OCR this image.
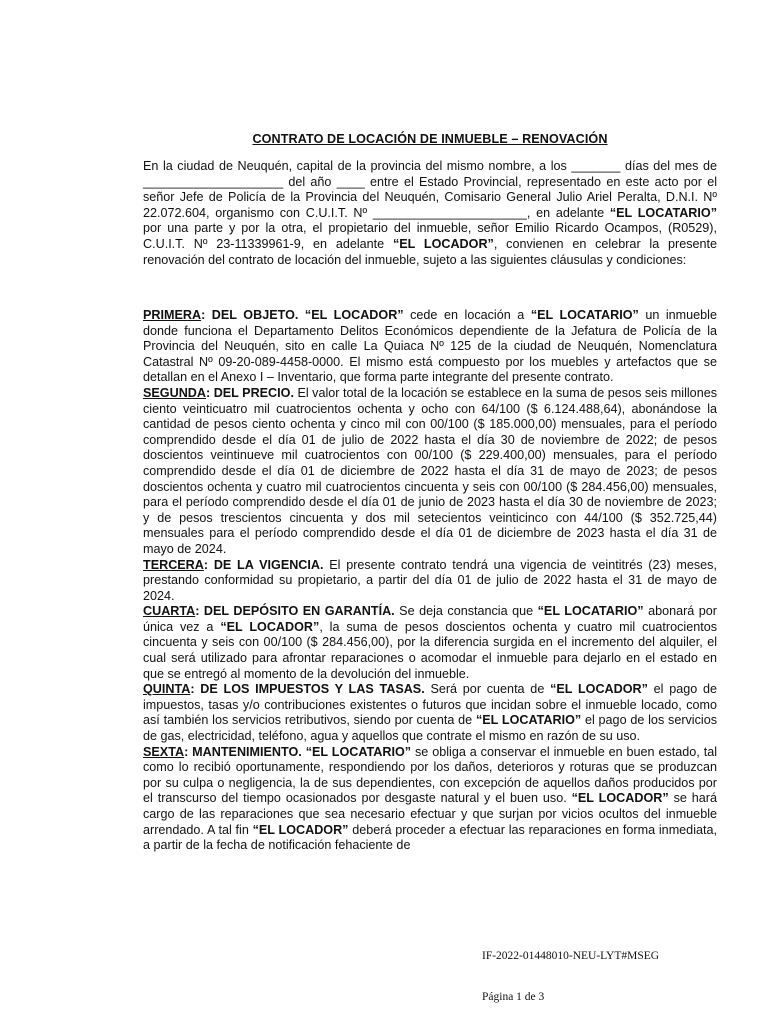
CONTRATO DE LOCACIÓN DE INMUEBLE – RENOVACIÓN

En la ciudad de Neuquén, capital de la provincia del mismo nombre, a los _______ días del mes de ____________________ del año ____ entre el Estado Provincial, representado en este acto por el señor Jefe de Policía de la Provincia del Neuquén, Comisario General Julio Ariel Peralta, D.N.I. Nº 22.072.604, organismo con C.U.I.T. Nº ______________________, en adelante “EL LOCATARIO” por una parte y por la otra, el propietario del inmueble, señor Emilio Ricardo Ocampos, (R0529), C.U.I.T. Nº 23-11339961-9, en adelante “EL LOCADOR”, convienen en celebrar la presente renovación del contrato de locación del inmueble, sujeto a las siguientes cláusulas y condiciones:

PRIMERA: DEL OBJETO. “EL LOCADOR” cede en locación a “EL LOCATARIO” un inmueble donde funciona el Departamento Delitos Económicos dependiente de la Jefatura de Policía de la Provincia del Neuquén, sito en calle La Quiaca Nº 125 de la ciudad de Neuquén, Nomenclatura Catastral Nº 09-20-089-4458-0000. El mismo está compuesto por los muebles y artefactos que se detallan en el Anexo I – Inventario, que forma parte integrante del presente contrato.

SEGUNDA: DEL PRECIO. El valor total de la locación se establece en la suma de pesos seis millones ciento veinticuatro mil cuatrocientos ochenta y ocho con 64/100 ($ 6.124.488,64), abonándose la cantidad de pesos ciento ochenta y cinco mil con 00/100 ($ 185.000,00) mensuales, para el período comprendido desde el día 01 de julio de 2022 hasta el día 30 de noviembre de 2022; de pesos doscientos veintinueve mil cuatrocientos con 00/100 ($ 229.400,00) mensuales, para el período comprendido desde el día 01 de diciembre de 2022 hasta el día 31 de mayo de 2023; de pesos doscientos ochenta y cuatro mil cuatrocientos cincuenta y seis con 00/100 ($ 284.456,00) mensuales, para el período comprendido desde el día 01 de junio de 2023 hasta el día 30 de noviembre de 2023; y de pesos trescientos cincuenta y dos mil setecientos veinticinco con 44/100 ($ 352.725,44) mensuales para el período comprendido desde el día 01 de diciembre de 2023 hasta el día 31 de mayo de 2024.

TERCERA: DE LA VIGENCIA. El presente contrato tendrá una vigencia de veintitrés (23) meses, prestando conformidad su propietario, a partir del día 01 de julio de 2022 hasta el 31 de mayo de 2024.

CUARTA: DEL DEPÓSITO EN GARANTÍA. Se deja constancia que “EL LOCATARIO” abonará por única vez a “EL LOCADOR”, la suma de pesos doscientos ochenta y cuatro mil cuatrocientos cincuenta y seis con 00/100 ($ 284.456,00), por la diferencia surgida en el incremento del alquiler, el cual será utilizado para afrontar reparaciones o acomodar el inmueble para dejarlo en el estado en que se entregó al momento de la devolución del inmueble.

QUINTA: DE LOS IMPUESTOS Y LAS TASAS. Será por cuenta de “EL LOCADOR” el pago de impuestos, tasas y/o contribuciones existentes o futuros que incidan sobre el inmueble locado, como así también los servicios retributivos, siendo por cuenta de “EL LOCATARIO” el pago de los servicios de gas, electricidad, teléfono, agua y aquellos que contrate el mismo en razón de su uso.

SEXTA: MANTENIMIENTO. “EL LOCATARIO” se obliga a conservar el inmueble en buen estado, tal como lo recibió oportunamente, respondiendo por los daños, deterioros y roturas que se produzcan por su culpa o negligencia, la de sus dependientes, con excepción de aquellos daños producidos por el transcurso del tiempo ocasionados por desgaste natural y el buen uso. “EL LOCADOR” se hará cargo de las reparaciones que sea necesario efectuar y que surjan por vicios ocultos del inmueble arrendado. A tal fin “EL LOCADOR” deberá proceder a efectuar las reparaciones en forma inmediata, a partir de la fecha de notificación fehaciente de

IF-2022-01448010-NEU-LYT#MSEG
Página 1 de 3
